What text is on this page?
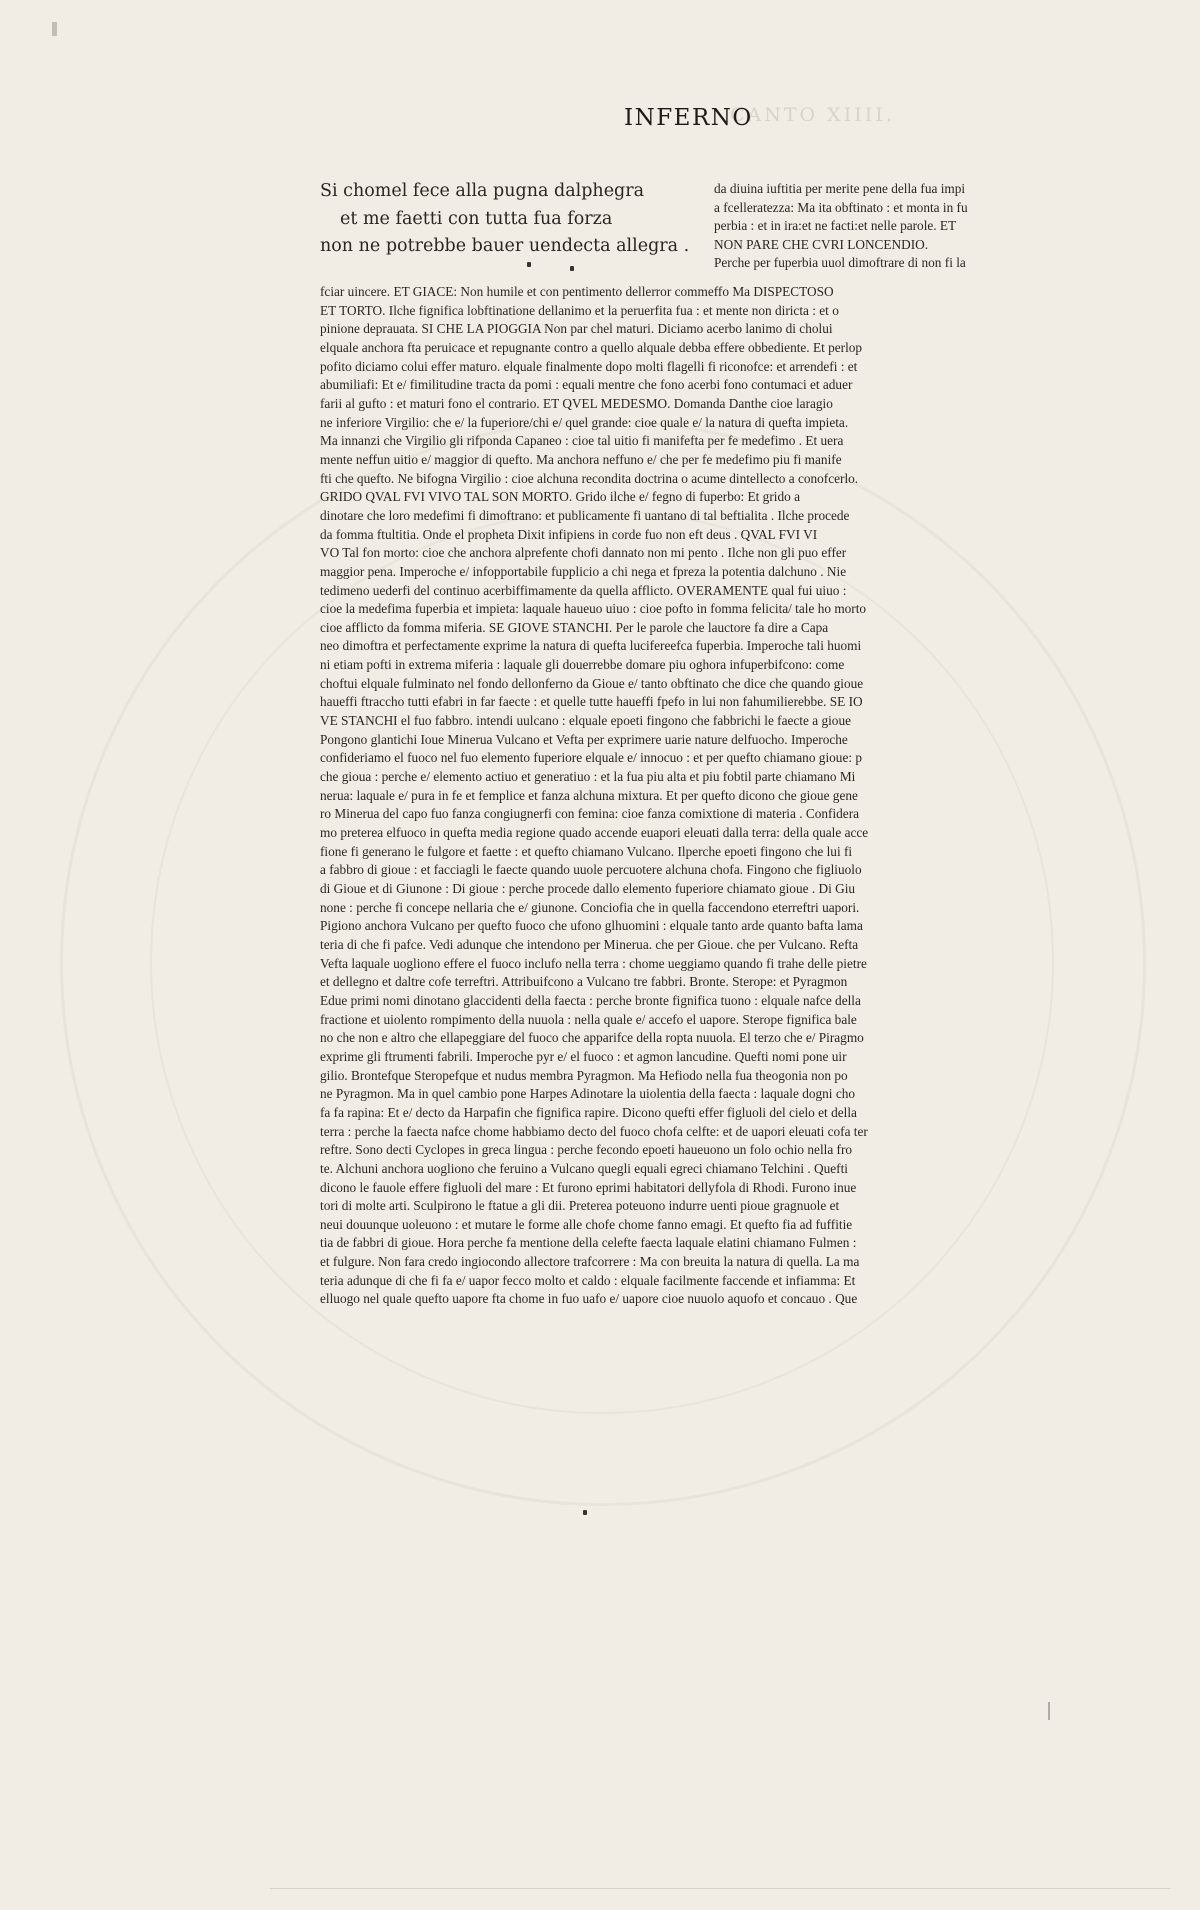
CANTO XIIII.
INFERNO
Si chomel fece alla pugna dalphegra
et me faetti con tutta fua forza
non ne potrebbe bauer uendecta allegra .
da diuina iuftitia per merite pene della fua impi
a fcelleratezza: Ma ita obftinato : et monta in fu
perbia : et in ira:et ne facti:et nelle parole. ET
NON PARE CHE CVRI LONCENDIO.
Perche per fuperbia uuol dimoftrare di non fi la
fciar uincere. ET GIACE: Non humile et con pentimento dellerror commeffo Ma DISPECTOSO
ET TORTO. Ilche fignifica lobftinatione dellanimo et la peruerfita fua : et mente non diricta : et o
pinione deprauata. SI CHE LA PIOGGIA Non par chel maturi. Diciamo acerbo lanimo di cholui
elquale anchora fta peruicace et repugnante contro a quello alquale debba effere obbediente. Et perlop
pofito diciamo colui effer maturo. elquale finalmente dopo molti flagelli fi riconofce: et arrendefi : et
abumiliafi: Et e/ fimilitudine tracta da pomi : equali mentre che fono acerbi fono contumaci et aduer
farii al gufto : et maturi fono el contrario. ET QVEL MEDESMO. Domanda Danthe cioe laragio
ne inferiore Virgilio: che e/ la fuperiore/chi e/ quel grande: cioe quale e/ la natura di quefta impieta.
Ma innanzi che Virgilio gli rifponda Capaneo : cioe tal uitio fi manifefta per fe medefimo . Et uera
mente neffun uitio e/ maggior di quefto. Ma anchora neffuno e/ che per fe medefimo piu fi manife
fti che quefto. Ne bifogna Virgilio : cioe alchuna recondita doctrina o acume dintellecto a conofcerlo.
GRIDO QVAL FVI VIVO TAL SON MORTO. Grido ilche e/ fegno di fuperbo: Et grido a
dinotare che loro medefimi fi dimoftrano: et publicamente fi uantano di tal beftialita . Ilche procede
da fomma ftultitia. Onde el propheta Dixit infipiens in corde fuo non eft deus . QVAL FVI VI
VO Tal fon morto: cioe che anchora alprefente chofi dannato non mi pento . Ilche non gli puo effer
maggior pena. Imperoche e/ infopportabile fupplicio a chi nega et fpreza la potentia dalchuno . Nie
tedimeno uederfi del continuo acerbiffimamente da quella afflicto. OVERAMENTE qual fui uiuo :
cioe la medefima fuperbia et impieta: laquale haueuo uiuo : cioe pofto in fomma felicita/ tale ho morto
cioe afflicto da fomma miferia. SE GIOVE STANCHI. Per le parole che lauctore fa dire a Capa
neo dimoftra et perfectamente exprime la natura di quefta lucifereefca fuperbia. Imperoche tali huomi
ni etiam pofti in extrema miferia : laquale gli douerrebbe domare piu oghora infuperbifcono: come
choftui elquale fulminato nel fondo dellonferno da Gioue e/ tanto obftinato che dice che quando gioue
haueffi ftraccho tutti efabri in far faecte : et quelle tutte haueffi fpefo in lui non fahumilierebbe. SE IO
VE STANCHI el fuo fabbro. intendi uulcano : elquale epoeti fingono che fabbrichi le faecte a gioue
Pongono glantichi Ioue Minerua Vulcano et Vefta per exprimere uarie nature delfuocho. Imperoche
confideriamo el fuoco nel fuo elemento fuperiore elquale e/ innocuo : et per quefto chiamano gioue: p
che gioua : perche e/ elemento actiuo et generatiuo : et la fua piu alta et piu fobtil parte chiamano Mi
nerua: laquale e/ pura in fe et femplice et fanza alchuna mixtura. Et per quefto dicono che gioue gene
ro Minerua del capo fuo fanza congiugnerfi con femina: cioe fanza comixtione di materia . Confidera
mo preterea elfuoco in quefta media regione quado accende euapori eleuati dalla terra: della quale acce
fione fi generano le fulgore et faette : et quefto chiamano Vulcano. Ilperche epoeti fingono che lui fi
a fabbro di gioue : et facciagli le faecte quando uuole percuotere alchuna chofa. Fingono che figliuolo
di Gioue et di Giunone : Di gioue : perche procede dallo elemento fuperiore chiamato gioue . Di Giu
none : perche fi concepe nellaria che e/ giunone. Conciofia che in quella faccendono eterreftri uapori.
Pigiono anchora Vulcano per quefto fuoco che ufono glhuomini : elquale tanto arde quanto bafta lama
teria di che fi pafce. Vedi adunque che intendono per Minerua. che per Gioue. che per Vulcano. Refta
Vefta laquale uogliono effere el fuoco inclufo nella terra : chome ueggiamo quando fi trahe delle pietre
et dellegno et daltre cofe terreftri. Attribuifcono a Vulcano tre fabbri. Bronte. Sterope: et Pyragmon
Edue primi nomi dinotano glaccidenti della faecta : perche bronte fignifica tuono : elquale nafce della
fractione et uiolento rompimento della nuuola : nella quale e/ accefo el uapore. Sterope fignifica bale
no che non e altro che ellapeggiare del fuoco che apparifce della ropta nuuola. El terzo che e/ Piragmo
exprime gli ftrumenti fabrili. Imperoche pyr e/ el fuoco : et agmon lancudine. Quefti nomi pone uir
gilio. Brontefque Steropefque et nudus membra Pyragmon. Ma Hefiodo nella fua theogonia non po
ne Pyragmon. Ma in quel cambio pone Harpes Adinotare la uiolentia della faecta : laquale dogni cho
fa fa rapina: Et e/ decto da Harpafin che fignifica rapire. Dicono quefti effer figluoli del cielo et della
terra : perche la faecta nafce chome habbiamo decto del fuoco chofa celfte: et de uapori eleuati cofa ter
reftre. Sono decti Cyclopes in greca lingua : perche fecondo epoeti haueuono un folo ochio nella fro
te. Alchuni anchora uogliono che feruino a Vulcano quegli equali egreci chiamano Telchini . Quefti
dicono le fauole effere figluoli del mare : Et furono eprimi habitatori dellyfola di Rhodi. Furono inue
tori di molte arti. Sculpirono le ftatue a gli dii. Preterea poteuono indurre uenti pioue gragnuole et
neui douunque uoleuono : et mutare le forme alle chofe chome fanno emagi. Et quefto fia ad fuffitie
tia de fabbri di gioue. Hora perche fa mentione della celefte faecta laquale elatini chiamano Fulmen :
et fulgure. Non fara credo ingiocondo allectore trafcorrere : Ma con breuita la natura di quella. La ma
teria adunque di che fi fa e/ uapor fecco molto et caldo : elquale facilmente faccende et infiamma: Et
elluogo nel quale quefto uapore fta chome in fuo uafo e/ uapore cioe nuuolo aquofo et concauo . Que
